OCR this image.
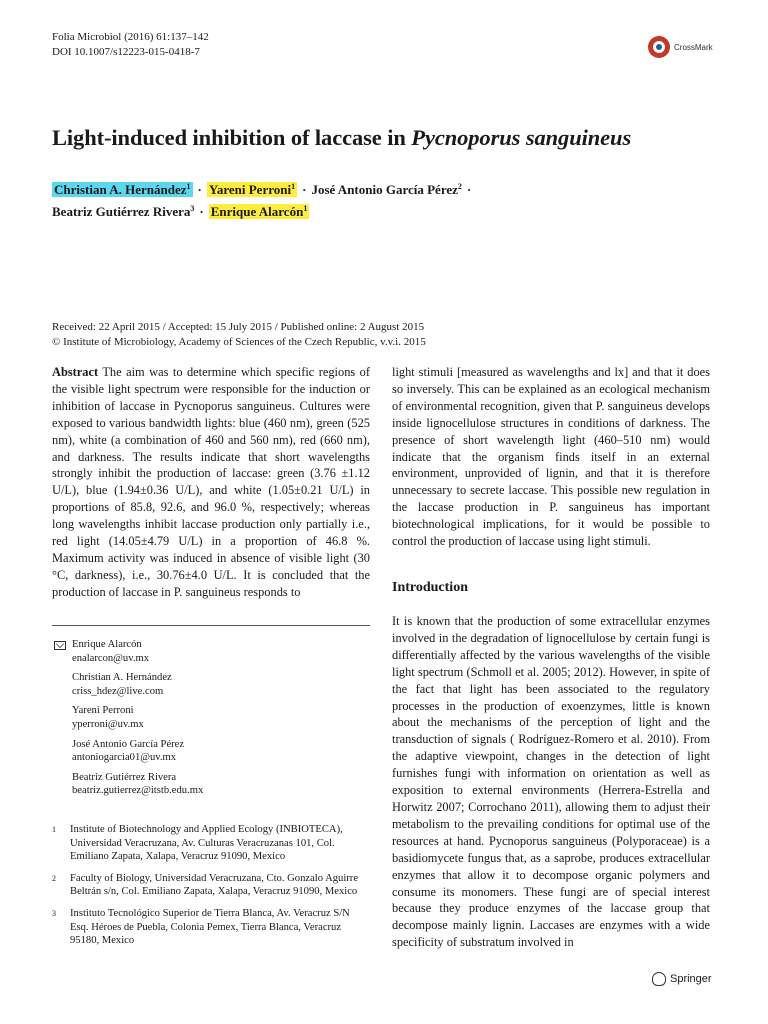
Folia Microbiol (2016) 61:137–142
DOI 10.1007/s12223-015-0418-7	CrossMark
Light-induced inhibition of laccase in Pycnoporus sanguineus
Christian A. Hernández$^1$ · Yareni Perroni$^1$ · José Antonio García Pérez$^2$ ·
Beatriz Gutiérrez Rivera$^3$ · Enrique Alarcón$^1$
Received: 22 April 2015 / Accepted: 15 July 2015 / Published online: 2 August 2015
© Institute of Microbiology, Academy of Sciences of the Czech Republic, v.v.i. 2015
Abstract The aim was to determine which specific regions of the visible light spectrum were responsible for the induction or inhibition of laccase in Pycnoporus sanguineus. Cultures were exposed to various bandwidth lights: blue (460 nm), green (525 nm), white (a combination of 460 and 560 nm), red (660 nm), and darkness. The results indicate that short wavelengths strongly inhibit the production of laccase: green (3.76 ±1.12 U/L), blue (1.94±0.36 U/L), and white (1.05±0.21 U/L) in proportions of 85.8, 92.6, and 96.0 %, respectively; whereas long wavelengths inhibit laccase production only partially i.e., red light (14.05±4.79 U/L) in a proportion of 46.8 %. Maximum activity was induced in absence of visible light (30 °C, darkness), i.e., 30.76±4.0 U/L. It is concluded that the production of laccase in P. sanguineus responds to
Enrique Alarcón
enalarcon@uv.mx
Christian A. Hernández
criss_hdez@live.com
Yareni Perroni
yperroni@uv.mx
José Antonio García Pérez
antoniogarcia01@uv.mx
Beatriz Gutiérrez Rivera
beatriz.gutierrez@itstb.edu.mx
1	Institute of Biotechnology and Applied Ecology (INBIOTECA), Universidad Veracruzana, Av. Culturas Veracruzanas 101, Col. Emiliano Zapata, Xalapa, Veracruz 91090, Mexico
2	Faculty of Biology, Universidad Veracruzana, Cto. Gonzalo Aguirre Beltrán s/n, Col. Emiliano Zapata, Xalapa, Veracruz 91090, Mexico
3	Instituto Tecnológico Superior de Tierra Blanca, Av. Veracruz S/N Esq. Héroes de Puebla, Colonia Pemex, Tierra Blanca, Veracruz 95180, Mexico
light stimuli [measured as wavelengths and lx] and that it does so inversely. This can be explained as an ecological mechanism of environmental recognition, given that P. sanguineus develops inside lignocellulose structures in conditions of darkness. The presence of short wavelength light (460–510 nm) would indicate that the organism finds itself in an external environment, unprovided of lignin, and that it is therefore unnecessary to secrete laccase. This possible new regulation in the laccase production in P. sanguineus has important biotechnological implications, for it would be possible to control the production of laccase using light stimuli.
Introduction
It is known that the production of some extracellular enzymes involved in the degradation of lignocellulose by certain fungi is differentially affected by the various wavelengths of the visible light spectrum (Schmoll et al. 2005; 2012). However, in spite of the fact that light has been associated to the regulatory processes in the production of exoenzymes, little is known about the mechanisms of the perception of light and the transduction of signals ( Rodríguez-Romero et al. 2010). From the adaptive viewpoint, changes in the detection of light furnishes fungi with information on orientation as well as exposition to external environments (Herrera-Estrella and Horwitz 2007; Corrochano 2011), allowing them to adjust their metabolism to the prevailing conditions for optimal use of the resources at hand. Pycnoporus sanguineus (Polyporaceae) is a basidiomycete fungus that, as a saprobe, produces extracellular enzymes that allow it to decompose organic polymers and consume its monomers. These fungi are of special interest because they produce enzymes of the laccase group that decompose mainly lignin. Laccases are enzymes with a wide specificity of substratum involved in
Springer
